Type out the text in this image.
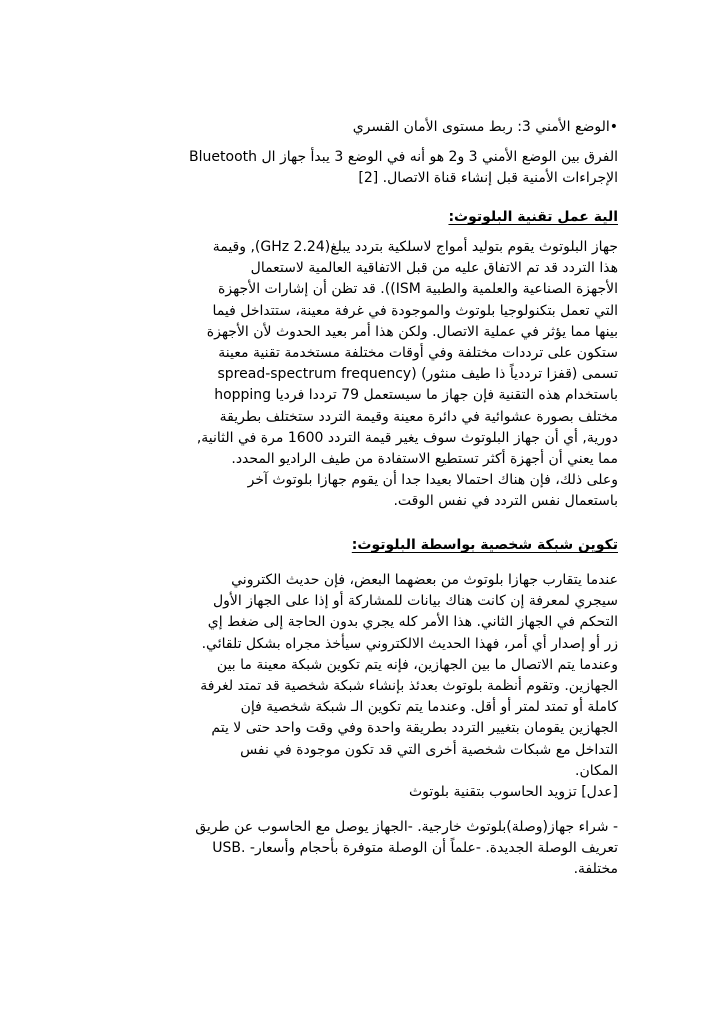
•الوضع الأمني 3: ربط مستوى الأمان القسري
الفرق بين الوضع الأمني 3 و2 هو أنه في الوضع 3 يبدأ جهاز ال Bluetooth
الإجراءات الأمنية قبل إنشاء قناة الاتصال. [2]
الية عمل تقنية البلوتوث:
جهاز البلوتوث يقوم بتوليد أمواج لاسلكية بتردد يبلغ(GHz 2.24), وقيمة
هذا التردد قد تم الاتفاق عليه من قبل الاتفاقية العالمية لاستعمال
الأجهزة الصناعية والعلمية والطبية ISM)). قد تظن أن إشارات الأجهزة
التي تعمل بتكنولوجيا بلوتوث والموجودة في غرفة معينة، ستتداخل فيما
بينها مما يؤثر في عملية الاتصال. ولكن هذا أمر بعيد الحدوث لأن الأجهزة
ستكون على ترددات مختلفة وفي أوقات مختلفة مستخدمة تقنية معينة
تسمى (قفزا ترددياً ذا طيف منثور) (spread-spectrum frequency
hopping باستخدام هذه التقنية فإن جهاز ما سيستعمل 79 ترددا فرديا
مختلف بصورة عشوائية في دائرة معينة وقيمة التردد ستختلف بطريقة
دورية, أي أن جهاز البلوتوث سوف يغير قيمة التردد 1600 مرة في الثانية,
مما يعني أن أجهزة أكثر تستطيع الاستفادة من طيف الراديو المحدد.
وعلى ذلك، فإن هناك احتمالا بعيدا جدا أن يقوم جهازا بلوتوث آخر
باستعمال نفس التردد في نفس الوقت.
تكوين شبكة شخصية بواسطة البلوتوث:
عندما يتقارب جهازا بلوتوث من بعضهما البعض، فإن حديث الكتروني
سيجري لمعرفة إن كانت هناك بيانات للمشاركة أو إذا على الجهاز الأول
التحكم في الجهاز الثاني. هذا الأمر كله يجري بدون الحاجة إلى ضغط إي
زر أو إصدار أي أمر، فهذا الحديث الالكتروني سيأخذ مجراه بشكل تلقائي.
وعندما يتم الاتصال ما بين الجهازين، فإنه يتم تكوين شبكة معينة ما بين
الجهازين. وتقوم أنظمة بلوتوث بعدئذ بإنشاء شبكة شخصية قد تمتد لغرفة
كاملة أو تمتد لمتر أو أقل. وعندما يتم تكوين الـ شبكة شخصية فإن
الجهازين يقومان بتغيير التردد بطريقة واحدة وفي وقت واحد حتى لا يتم
التداخل مع شبكات شخصية أخرى التي قد تكون موجودة في نفس
المكان.
[عدل] تزويد الحاسوب بتقنية بلوتوث
- شراء جهاز(وصلة)بلوتوث خارجية. -الجهاز يوصل مع الحاسوب عن طريق
USB. -تعريف الوصلة الجديدة. -علماً أن الوصلة متوفرة بأحجام وأسعار
مختلفة.
